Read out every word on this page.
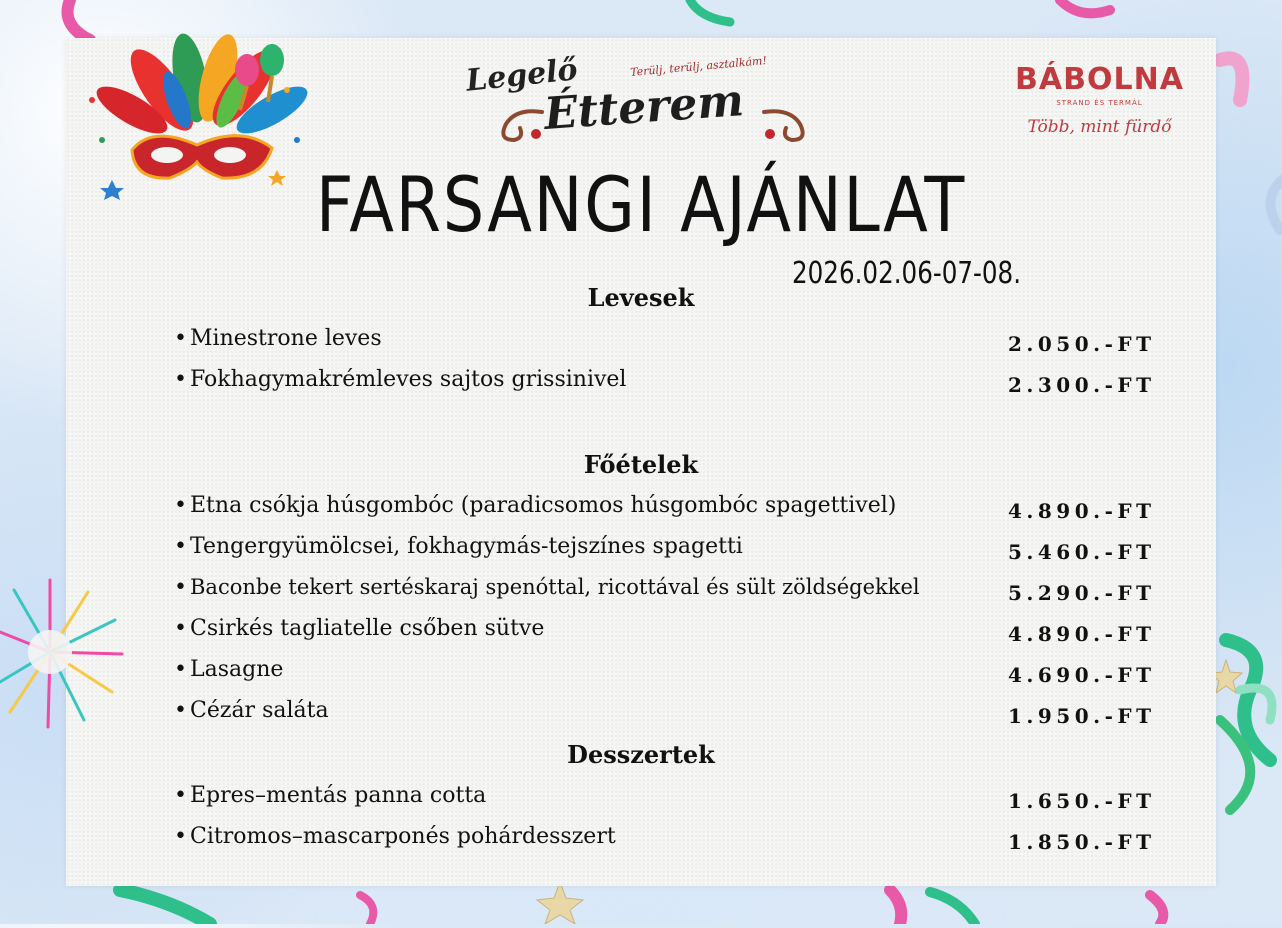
Legelő	Terülj, terülj, asztalkám!
Étterem	BÁBOLNA
STRAND ÉS TERMÁL
Több, mint fürdő
FARSANGI AJÁNLAT
2026.02.06-07-08.
Levesek
• Minestrone leves	2.050.-FT
• Fokhagymakrémleves sajtos grissinivel	2.300.-FT
Főételek
• Etna csókja húsgombóc (paradicsomos húsgombóc spagettivel)	4.890.-FT
• Tengergyümölcsei, fokhagymás-tejszínes spagetti	5.460.-FT
• Baconbe tekert sertéskaraj spenóttal, ricottával és sült zöldségekkel	5.290.-FT
• Csirkés tagliatelle csőben sütve	4.890.-FT
• Lasagne	4.690.-FT
• Cézár saláta	1.950.-FT
Desszertek
• Epres–mentás panna cotta	1.650.-FT
• Citromos–mascarponés pohárdesszert	1.850.-FT
